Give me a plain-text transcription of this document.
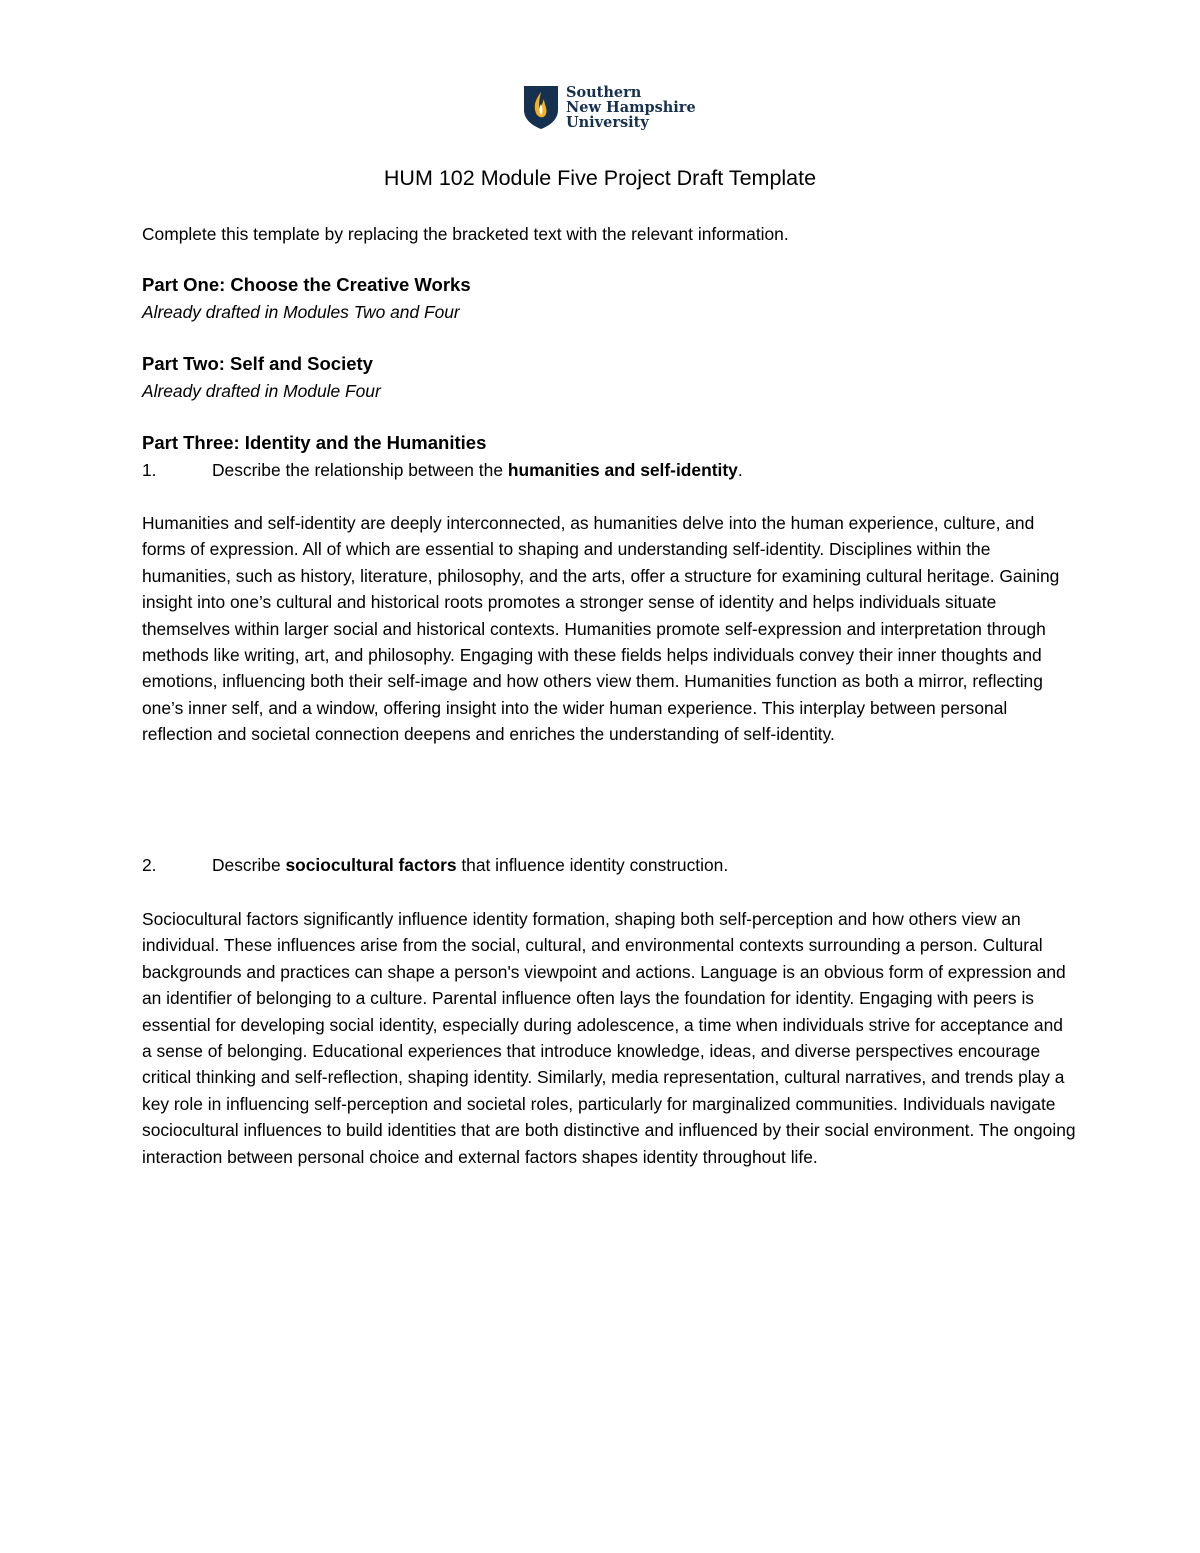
Southern
New Hampshire
University
HUM 102 Module Five Project Draft Template

Complete this template by replacing the bracketed text with the relevant information.

Part One: Choose the Creative Works

Already drafted in Modules Two and Four

Part Two: Self and Society

Already drafted in Module Four

Part Three: Identity and the Humanities

1.	Describe the relationship between the humanities and self-identity.

Humanities and self-identity are deeply interconnected, as humanities delve into the human experience, culture, and forms of expression. All of which are essential to shaping and understanding self-identity. Disciplines within the humanities, such as history, literature, philosophy, and the arts, offer a structure for examining cultural heritage. Gaining insight into one’s cultural and historical roots promotes a stronger sense of identity and helps individuals situate themselves within larger social and historical contexts. Humanities promote self-expression and interpretation through methods like writing, art, and philosophy. Engaging with these fields helps individuals convey their inner thoughts and emotions, influencing both their self-image and how others view them. Humanities function as both a mirror, reflecting one’s inner self, and a window, offering insight into the wider human experience. This interplay between personal reflection and societal connection deepens and enriches the understanding of self-identity.

2.	Describe sociocultural factors that influence identity construction.

Sociocultural factors significantly influence identity formation, shaping both self-perception and how others view an individual. These influences arise from the social, cultural, and environmental contexts surrounding a person. Cultural backgrounds and practices can shape a person's viewpoint and actions. Language is an obvious form of expression and an identifier of belonging to a culture. Parental influence often lays the foundation for identity. Engaging with peers is essential for developing social identity, especially during adolescence, a time when individuals strive for acceptance and a sense of belonging. Educational experiences that introduce knowledge, ideas, and diverse perspectives encourage critical thinking and self-reflection, shaping identity. Similarly, media representation, cultural narratives, and trends play a key role in influencing self-perception and societal roles, particularly for marginalized communities. Individuals navigate sociocultural influences to build identities that are both distinctive and influenced by their social environment. The ongoing interaction between personal choice and external factors shapes identity throughout life.
